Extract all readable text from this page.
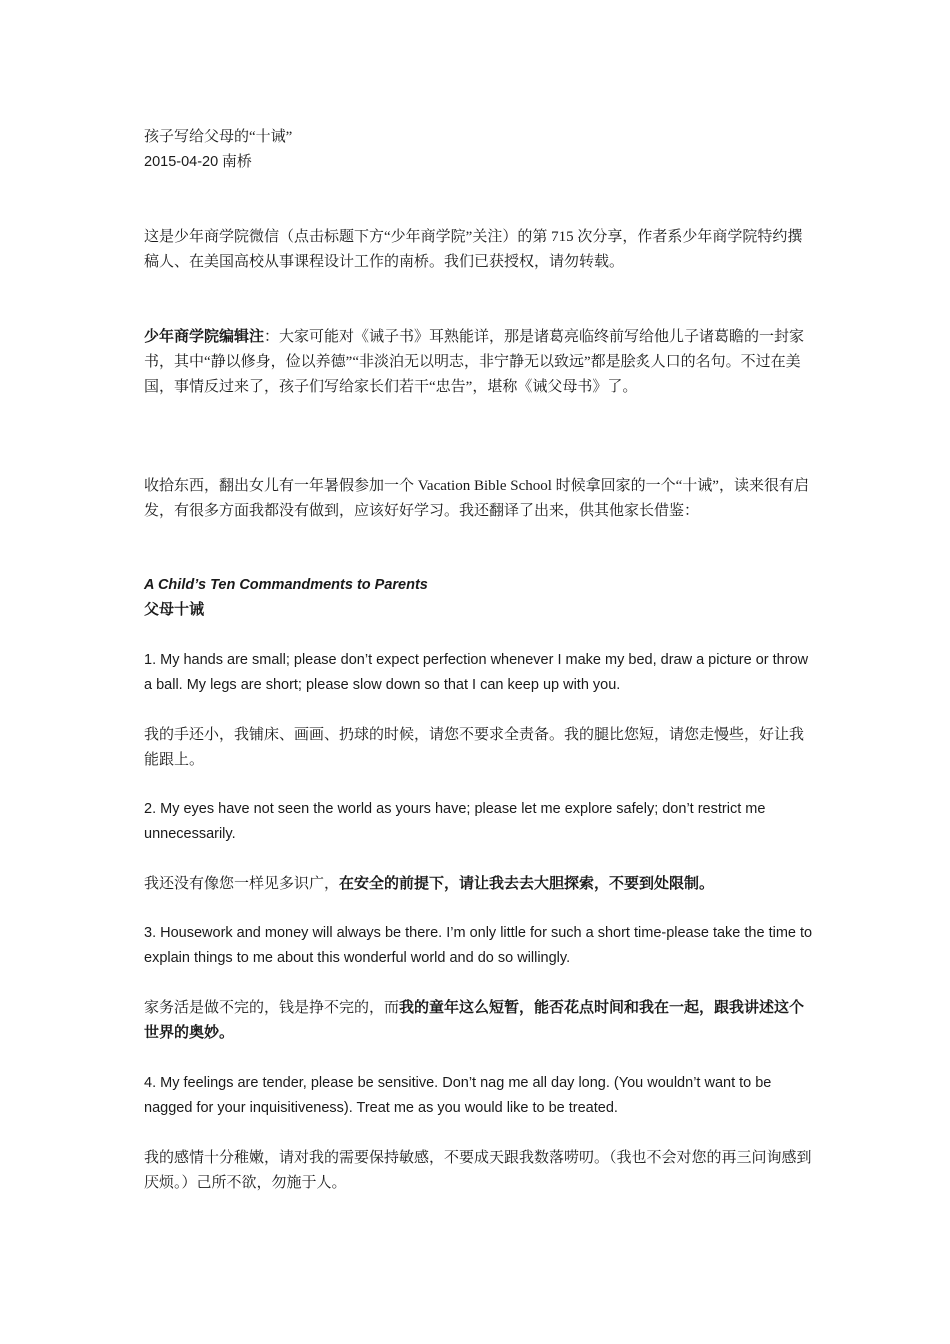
孩子写给父母的“十诫”
2015-04-20 南桥

这是少年商学院微信（点击标题下方“少年商学院”关注）的第 715 次分享，作者系少年商学院特约撰稿人、在美国高校从事课程设计工作的南桥。我们已获授权，请勿转载。

少年商学院编辑注：大家可能对《诫子书》耳熟能详，那是诸葛亮临终前写给他儿子诸葛瞻的一封家书，其中“静以修身，俭以养德”“非淡泊无以明志，非宁静无以致远”都是脍炙人口的名句。不过在美国，事情反过来了，孩子们写给家长们若干“忠告”，堪称《诫父母书》了。

收拾东西，翻出女儿有一年暑假参加一个 Vacation Bible School 时候拿回家的一个“十诫”，读来很有启发，有很多方面我都没有做到，应该好好学习。我还翻译了出来，供其他家长借鉴：

A Child’s Ten Commandments to Parents
父母十诫

1. My hands are small; please don’t expect perfection whenever I make my bed, draw a picture or throw a ball. My legs are short; please slow down so that I can keep up with you.

我的手还小，我铺床、画画、扔球的时候，请您不要求全责备。我的腿比您短，请您走慢些，好让我能跟上。

2. My eyes have not seen the world as yours have; please let me explore safely; don’t restrict me unnecessarily.

我还没有像您一样见多识广，在安全的前提下，请让我去去大胆探索，不要到处限制。

3. Housework and money will always be there. I’m only little for such a short time-please take the time to explain things to me about this wonderful world and do so willingly.

家务活是做不完的，钱是挣不完的，而我的童年这么短暂，能否花点时间和我在一起，跟我讲述这个世界的奥妙。

4. My feelings are tender, please be sensitive. Don’t nag me all day long. (You wouldn’t want to be nagged for your inquisitiveness). Treat me as you would like to be treated.

我的感情十分稚嫩，请对我的需要保持敏感，不要成天跟我数落唠叨。（我也不会对您的再三问询感到厌烦。）己所不欲，勿施于人。
